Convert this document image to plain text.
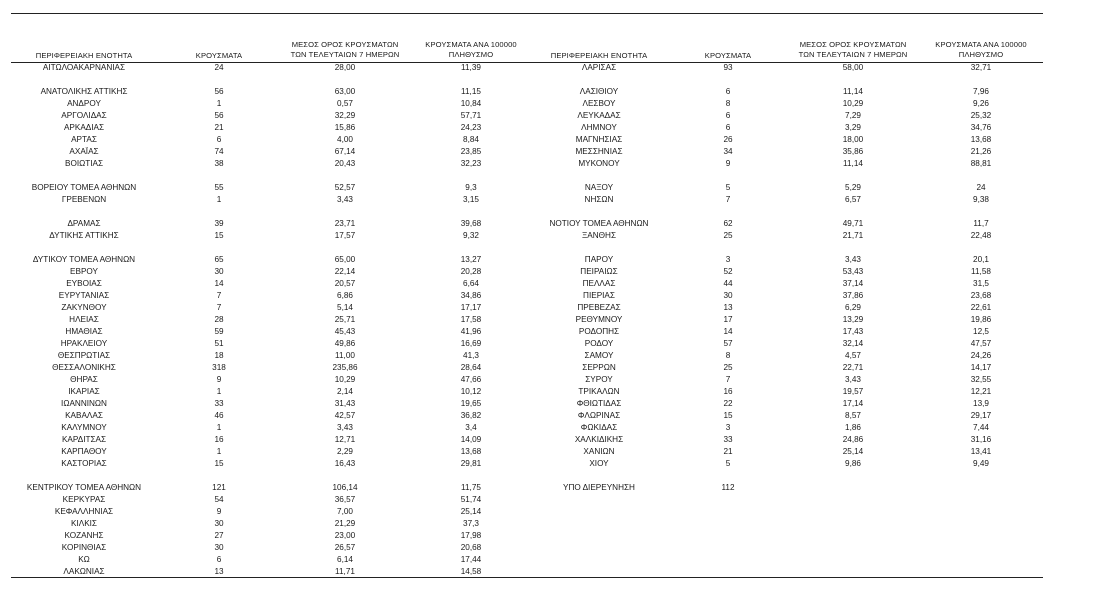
ΠΕΡΙΦΕΡΕΙΑΚΗ ΕΝΟΤΗΤΑ	ΚΡΟΥΣΜΑΤΑ
ΜΕΣΟΣ ΟΡΟΣ ΚΡΟΥΣΜΑΤΩΝ
ΤΩΝ ΤΕΛΕΥΤΑΙΩΝ 7 ΗΜΕΡΩΝ
ΚΡΟΥΣΜΑΤΑ ΑΝΑ 100000
ΠΛΗΘΥΣΜΟ	ΠΕΡΙΦΕΡΕΙΑΚΗ ΕΝΟΤΗΤΑ	ΚΡΟΥΣΜΑΤΑ
ΜΕΣΟΣ ΟΡΟΣ ΚΡΟΥΣΜΑΤΩΝ
ΤΩΝ ΤΕΛΕΥΤΑΙΩΝ 7 ΗΜΕΡΩΝ
ΚΡΟΥΣΜΑΤΑ ΑΝΑ 100000
ΠΛΗΘΥΣΜΟ
ΑΙΤΩΛΟΑΚΑΡΝΑΝΙΑΣ	24	28,00	11,39
ΑΝΑΤΟΛΙΚΗΣ ΑΤΤΙΚΗΣ	56	63,00	11,15
ΑΝΔΡΟΥ	1	0,57	10,84
ΑΡΓΟΛΙΔΑΣ	56	32,29	57,71
ΑΡΚΑΔΙΑΣ	21	15,86	24,23
ΑΡΤΑΣ	6	4,00	8,84
ΑΧΑΪΑΣ	74	67,14	23,85
ΒΟΙΩΤΙΑΣ	38	20,43	32,23
ΒΟΡΕΙΟΥ ΤΟΜΕΑ ΑΘΗΝΩΝ	55	52,57	9,3
ΓΡΕΒΕΝΩΝ	1	3,43	3,15
ΔΡΑΜΑΣ	39	23,71	39,68
ΔΥΤΙΚΗΣ ΑΤΤΙΚΗΣ	15	17,57	9,32
ΔΥΤΙΚΟΥ ΤΟΜΕΑ ΑΘΗΝΩΝ	65	65,00	13,27
ΕΒΡΟΥ	30	22,14	20,28
ΕΥΒΟΙΑΣ	14	20,57	6,64
ΕΥΡΥΤΑΝΙΑΣ	7	6,86	34,86
ΖΑΚΥΝΘΟΥ	7	5,14	17,17
ΗΛΕΙΑΣ	28	25,71	17,58
ΗΜΑΘΙΑΣ	59	45,43	41,96
ΗΡΑΚΛΕΙΟΥ	51	49,86	16,69
ΘΕΣΠΡΩΤΙΑΣ	18	11,00	41,3
ΘΕΣΣΑΛΟΝΙΚΗΣ	318	235,86	28,64
ΘΗΡΑΣ	9	10,29	47,66
ΙΚΑΡΙΑΣ	1	2,14	10,12
ΙΩΑΝΝΙΝΩΝ	33	31,43	19,65
ΚΑΒΑΛΑΣ	46	42,57	36,82
ΚΑΛΥΜΝΟΥ	1	3,43	3,4
ΚΑΡΔΙΤΣΑΣ	16	12,71	14,09
ΚΑΡΠΑΘΟΥ	1	2,29	13,68
ΚΑΣΤΟΡΙΑΣ	15	16,43	29,81
ΚΕΝΤΡΙΚΟΥ ΤΟΜΕΑ ΑΘΗΝΩΝ	121	106,14	11,75
ΚΕΡΚΥΡΑΣ	54	36,57	51,74
ΚΕΦΑΛΛΗΝΙΑΣ	9	7,00	25,14
ΚΙΛΚΙΣ	30	21,29	37,3
ΚΟΖΑΝΗΣ	27	23,00	17,98
ΚΟΡΙΝΘΙΑΣ	30	26,57	20,68
ΚΩ	6	6,14	17,44
ΛΑΚΩΝΙΑΣ	13	11,71	14,58
ΛΑΡΙΣΑΣ	93	58,00	32,71
ΛΑΣΙΘΙΟΥ	6	11,14	7,96
ΛΕΣΒΟΥ	8	10,29	9,26
ΛΕΥΚΑΔΑΣ	6	7,29	25,32
ΛΗΜΝΟΥ	6	3,29	34,76
ΜΑΓΝΗΣΙΑΣ	26	18,00	13,68
ΜΕΣΣΗΝΙΑΣ	34	35,86	21,26
ΜΥΚΟΝΟΥ	9	11,14	88,81
ΝΑΞΟΥ	5	5,29	24
ΝΗΣΩΝ	7	6,57	9,38
ΝΟΤΙΟΥ ΤΟΜΕΑ ΑΘΗΝΩΝ	62	49,71	11,7
ΞΑΝΘΗΣ	25	21,71	22,48
ΠΑΡΟΥ	3	3,43	20,1
ΠΕΙΡΑΙΩΣ	52	53,43	11,58
ΠΕΛΛΑΣ	44	37,14	31,5
ΠΙΕΡΙΑΣ	30	37,86	23,68
ΠΡΕΒΕΖΑΣ	13	6,29	22,61
ΡΕΘΥΜΝΟΥ	17	13,29	19,86
ΡΟΔΟΠΗΣ	14	17,43	12,5
ΡΟΔΟΥ	57	32,14	47,57
ΣΑΜΟΥ	8	4,57	24,26
ΣΕΡΡΩΝ	25	22,71	14,17
ΣΥΡΟΥ	7	3,43	32,55
ΤΡΙΚΑΛΩΝ	16	19,57	12,21
ΦΘΙΩΤΙΔΑΣ	22	17,14	13,9
ΦΛΩΡΙΝΑΣ	15	8,57	29,17
ΦΩΚΙΔΑΣ	3	1,86	7,44
ΧΑΛΚΙΔΙΚΗΣ	33	24,86	31,16
ΧΑΝΙΩΝ	21	25,14	13,41
ΧΙΟΥ	5	9,86	9,49
ΥΠΟ ΔΙΕΡΕΥΝΗΣΗ	112
